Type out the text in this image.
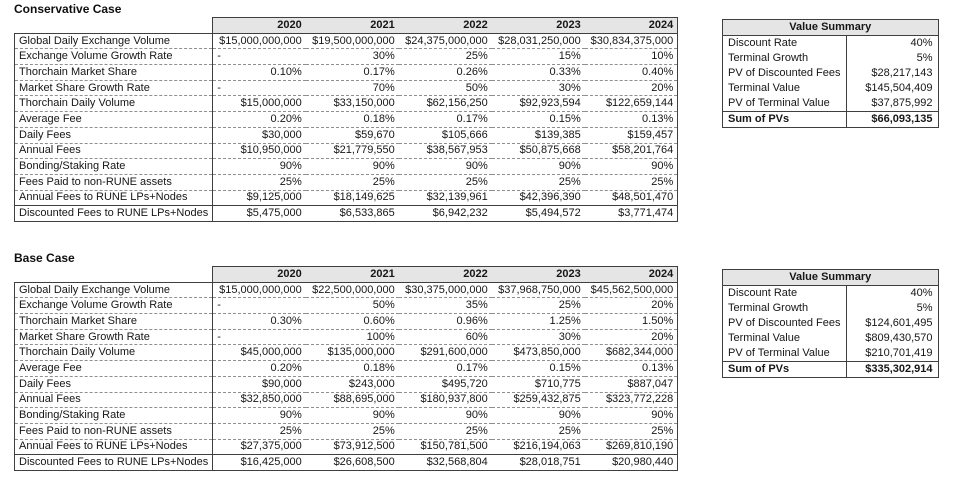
Conservative Case
	2020	2021	2022	2023	2024
Global Daily Exchange Volume	$15,000,000,000	$19,500,000,000	$24,375,000,000	$28,031,250,000	$30,834,375,000
Exchange Volume Growth Rate	-	30%	25%	15%	10%
Thorchain Market Share	0.10%	0.17%	0.26%	0.33%	0.40%
Market Share Growth Rate	-	70%	50%	30%	20%
Thorchain Daily Volume	$15,000,000	$33,150,000	$62,156,250	$92,923,594	$122,659,144
Average Fee	0.20%	0.18%	0.17%	0.15%	0.13%
Daily Fees	$30,000	$59,670	$105,666	$139,385	$159,457
Annual Fees	$10,950,000	$21,779,550	$38,567,953	$50,875,668	$58,201,764
Bonding/Staking Rate	90%	90%	90%	90%	90%
Fees Paid to non-RUNE assets	25%	25%	25%	25%	25%
Annual Fees to RUNE LPs+Nodes	$9,125,000	$18,149,625	$32,139,961	$42,396,390	$48,501,470
Discounted Fees to RUNE LPs+Nodes	$5,475,000	$6,533,865	$6,942,232	$5,494,572	$3,771,474
Value Summary	
Discount Rate	40%
Terminal Growth	5%
PV of Discounted Fees	$28,217,143
Terminal Value	$145,504,409
PV of Terminal Value	$37,875,992
Sum of PVs	$66,093,135
Base Case
	2020	2021	2022	2023	2024
Global Daily Exchange Volume	$15,000,000,000	$22,500,000,000	$30,375,000,000	$37,968,750,000	$45,562,500,000
Exchange Volume Growth Rate	-	50%	35%	25%	20%
Thorchain Market Share	0.30%	0.60%	0.96%	1.25%	1.50%
Market Share Growth Rate	-	100%	60%	30%	20%
Thorchain Daily Volume	$45,000,000	$135,000,000	$291,600,000	$473,850,000	$682,344,000
Average Fee	0.20%	0.18%	0.17%	0.15%	0.13%
Daily Fees	$90,000	$243,000	$495,720	$710,775	$887,047
Annual Fees	$32,850,000	$88,695,000	$180,937,800	$259,432,875	$323,772,228
Bonding/Staking Rate	90%	90%	90%	90%	90%
Fees Paid to non-RUNE assets	25%	25%	25%	25%	25%
Annual Fees to RUNE LPs+Nodes	$27,375,000	$73,912,500	$150,781,500	$216,194,063	$269,810,190
Discounted Fees to RUNE LPs+Nodes	$16,425,000	$26,608,500	$32,568,804	$28,018,751	$20,980,440
Value Summary	
Discount Rate	40%
Terminal Growth	5%
PV of Discounted Fees	$124,601,495
Terminal Value	$809,430,570
PV of Terminal Value	$210,701,419
Sum of PVs	$335,302,914
